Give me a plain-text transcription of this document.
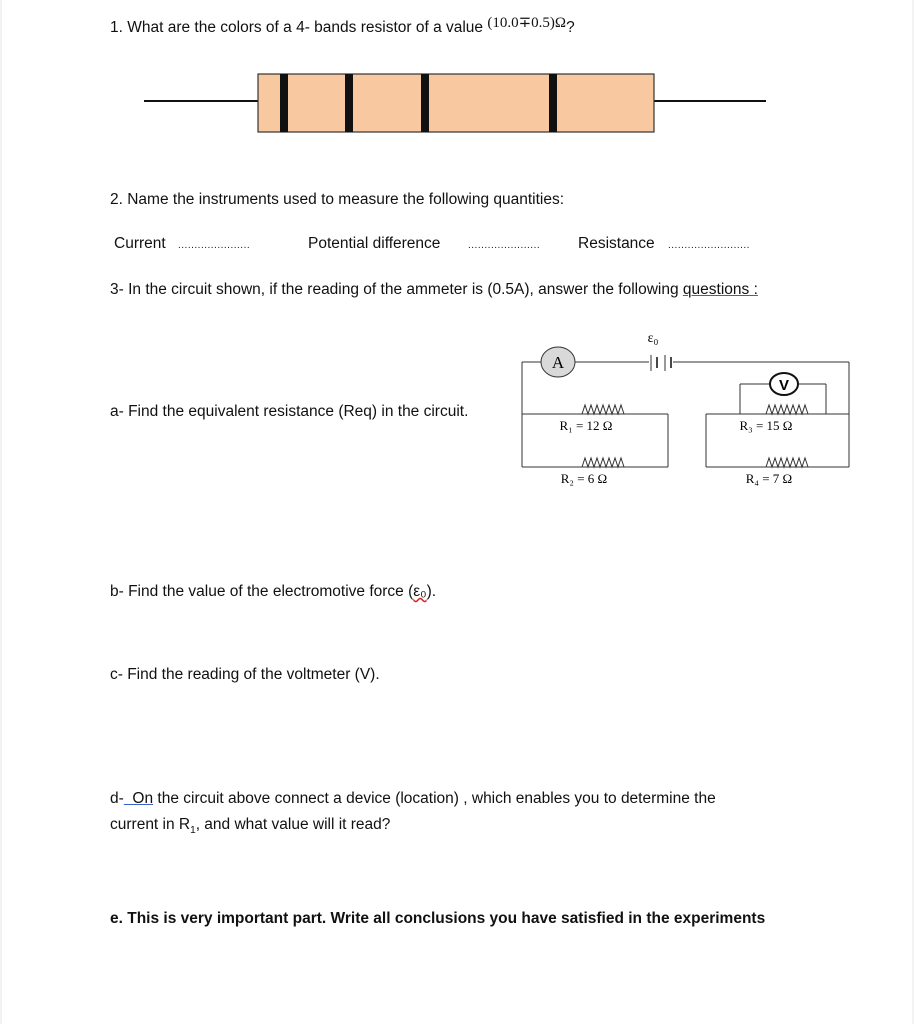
1. What are the colors of a 4- bands resistor of a value (10.0∓0.5)Ω?
2. Name the instruments used to measure the following quantities:
Current ......................	Potential difference	...................... Resistance .........................
3- In the circuit shown, if the reading of the ammeter is (0.5A), answer the following questions :
a- Find the equivalent resistance (Req) in the circuit.
A
V
ε₀
R₁ = 12 Ω
R₂ = 6 Ω
R₃ = 15 Ω
R₄ = 7 Ω
b- Find the value of the electromotive force (ε₀).
c- Find the reading of the voltmeter (V).
d-  On the circuit above connect a device (location) , which enables you to determine the
current in $R_1$, and what value will it read?
e. This is very important part. Write all conclusions you have satisfied in the experiments
